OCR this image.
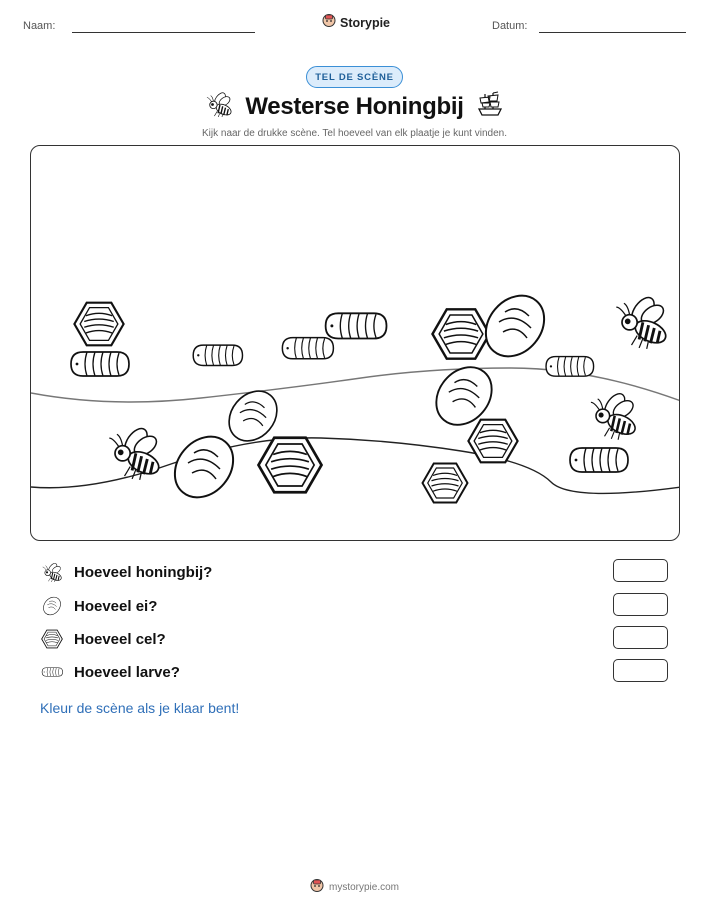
Naam:	Storypie	Datum:
TEL DE SCÈNE
Westerse Honingbij
Kijk naar de drukke scène. Tel hoeveel van elk plaatje je kunt vinden.
Hoeveel honingbij?
Hoeveel ei?
Hoeveel cel?
Hoeveel larve?
Kleur de scène als je klaar bent!
mystorypie.com
